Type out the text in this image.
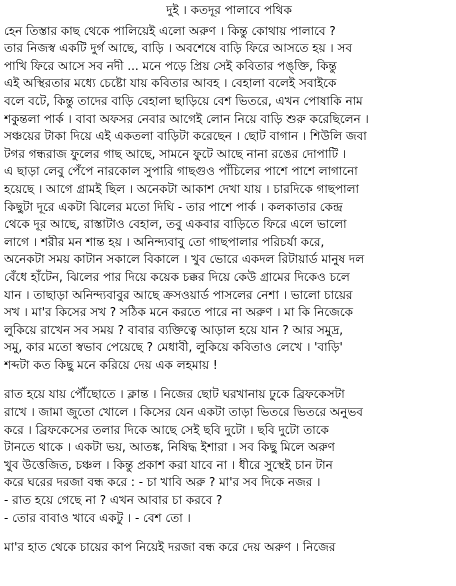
দুই । কতদূর পালাবে পথিক
হেন তিস্তার কাছ থেকে পালিয়েই এলো অরুণ । কিন্তু কোথায় পালাবে ?
তার নিজস্ব একটি দুর্গ আছে, বাড়ি । অবশেষে বাড়ি ফিরে আসতে হয় । সব
পাখি ফিরে আসে সব নদী ... মনে পড়ে প্রিয় সেই কবিতার পঙ্‌ক্তি, কিন্তু
এই অস্থিরতার মধ্যে চেষ্টো যায় কবিতার আবহ । বেহালা বলেই সবাইকে
বলে বটে, কিন্তু তাদের বাড়ি বেহালা ছাড়িয়ে বেশ ভিতরে, এখন পোষাকি নাম
শকুন্তলা পার্ক । বাবা অফসর নেবার আগেই লোন নিয়ে বাড়ি শুরু করেছিলেন ।
সঞ্চয়ের টাকা দিয়ে এই একতলা বাড়িটা করেছেন । ছোট বাগান । শিউলি জবা
টগর গন্ধরাজ ফুলের গাছ আছে, সামনে ফুটে আছে নানা রঙের দোপাটি ।
এ ছাড়া লেবু পেঁপে নারকোল সুপারি গাছগুও পাঁচিলের পাশে পাশে লাগানো
হয়েছে । আগে গ্রামই ছিল । অনেকটা আকাশ দেখা যায় । চারদিকে গাছপালা
কিছুটা দূরে একটা ঝিলের মতো দিঘি - তার পাশে পার্ক । কলকাতার কেন্দ্র
থেকে দূর আছে, রাস্তাটাও বেহাল, তবু একবার বাড়িতে ফিরে এলে ভালো
লাগে । শরীর মন শান্ত হয় । অনিন্দ্যবাবু তো গাছপালার পরিচর্যা করে,
অনেকটা সময় কাটান সকালে বিকালে । খুব ভোরে একদল রিটায়ার্ড মানুষ দল
বেঁধে হাঁটেন, ঝিলের পার দিয়ে কয়েক চক্কর দিয়ে কেউ গ্রামের দিকেও চলে
যান । তাছাড়া অনিন্দ্যবাবুর আছে ক্রসওয়ার্ড পাসলের নেশা । ভালো চায়ের
সখ । মা'র কিসের সখ ? সঠিক মনে করতে পারে না অরুণ । মা কি নিজেকে
লুকিয়ে রাখেন সব সময় ? বাবার ব্যক্তিত্বে আড়াল হয়ে যান ? আর সমুদ্র,
সমু, কার মতো স্বভাব পেয়েছে ? মেধাবী, লুকিয়ে কবিতাও লেখে । 'বাড়ি'
শব্দটা কত কিছু মনে করিয়ে দেয় এক লহমায় !
রাত হয়ে যায় পৌঁছোতে । ক্লান্ত । নিজের ছোট ঘরখানায় ঢুকে ব্রিফকেসটা
রাখে । জামা জুতো খোলে । কিসের যেন একটা তাড়া ভিতরে ভিতরে অনুভব
করে । ব্রিফকেসের তলার দিকে আছে সেই ছবি দুটো । ছবি দুটো তাকে
টানতে থাকে । একটা ভয়, আতঙ্ক, নিষিদ্ধ ইশারা । সব কিছু মিলে অরুণ
খুব উত্তেজিত, চঞ্চল । কিন্তু প্রকাশ করা যাবে না । ধীরে সুস্থেই চান টান
করে ঘরের দরজা বন্ধ করে : - চা খাবি অরু ? মা'র সব দিকে নজর ।
- রাত হয়ে গেছে না ? এখন আবার চা করবে ?
- তোর বাবাও খাবে একটু । - বেশ তো ।
মা'র হাত থেকে চায়ের কাপ নিয়েই দরজা বন্ধ করে দেয় অরুণ । নিজের
